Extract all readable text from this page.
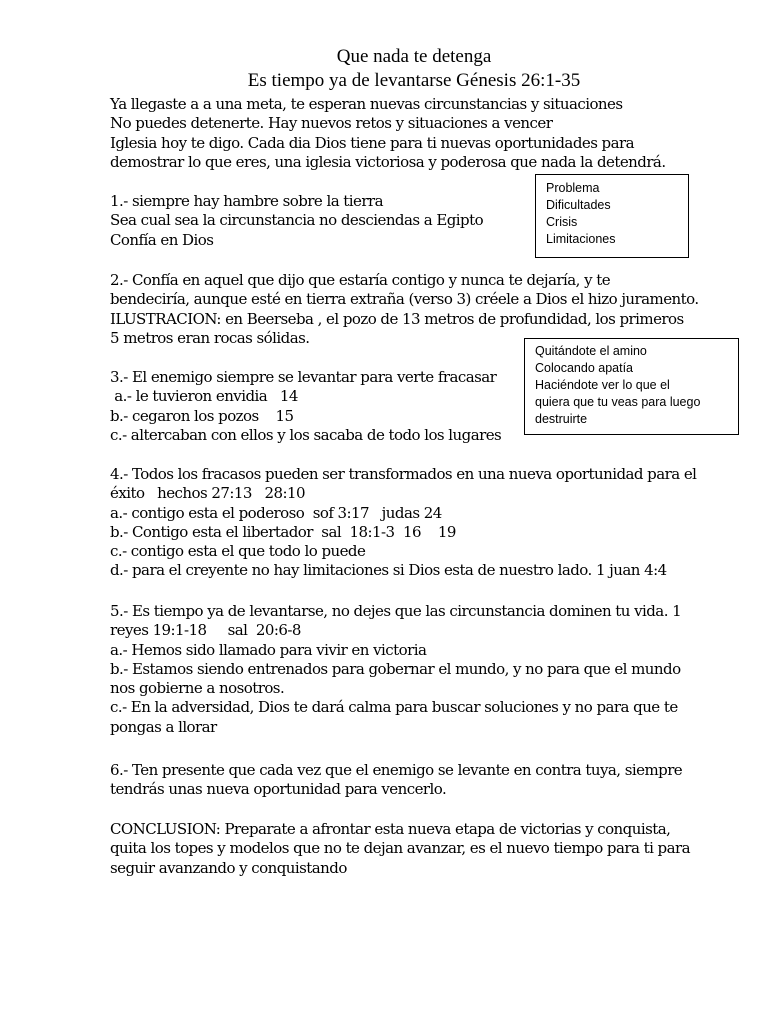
Que nada te detenga
Es tiempo ya de levantarse Génesis 26:1-35
Ya llegaste a a una meta, te esperan nuevas circunstancias y situaciones
No puedes detenerte. Hay nuevos retos y situaciones a vencer
Iglesia hoy te digo. Cada dia Dios tiene para ti nuevas oportunidades para
demostrar lo que eres, una iglesia victoriosa y poderosa que nada la detendrá.
1.- siempre hay hambre sobre la tierra
Sea cual sea la circunstancia no desciendas a Egipto
Confía en Dios
2.- Confía en aquel que dijo que estaría contigo y nunca te dejaría, y te
bendeciría, aunque esté en tierra extraña (verso 3) créele a Dios el hizo juramento.
ILUSTRACION: en Beerseba , el pozo de 13 metros de profundidad, los primeros
5 metros eran rocas sólidas.
3.- El enemigo siempre se levantar para verte fracasar
a.- le tuvieron envidia   14
b.- cegaron los pozos    15
c.- altercaban con ellos y los sacaba de todo los lugares
4.- Todos los fracasos pueden ser transformados en una nueva oportunidad para el
éxito   hechos 27:13   28:10
a.- contigo esta el poderoso  sof 3:17   judas 24
b.- Contigo esta el libertador  sal  18:1-3  16    19
c.- contigo esta el que todo lo puede
d.- para el creyente no hay limitaciones si Dios esta de nuestro lado. 1 juan 4:4
5.- Es tiempo ya de levantarse, no dejes que las circunstancia dominen tu vida. 1
reyes 19:1-18     sal  20:6-8
a.- Hemos sido llamado para vivir en victoria
b.- Estamos siendo entrenados para gobernar el mundo, y no para que el mundo
nos gobierne a nosotros.
c.- En la adversidad, Dios te dará calma para buscar soluciones y no para que te
pongas a llorar
6.- Ten presente que cada vez que el enemigo se levante en contra tuya, siempre
tendrás unas nueva oportunidad para vencerlo.
CONCLUSION: Preparate a afrontar esta nueva etapa de victorias y conquista,
quita los topes y modelos que no te dejan avanzar, es el nuevo tiempo para ti para
seguir avanzando y conquistando
Problema
Dificultades
Crisis
Limitaciones
Quitándote el amino
Colocando apatía
Haciéndote ver lo que el
quiera que tu veas para luego
destruirte
